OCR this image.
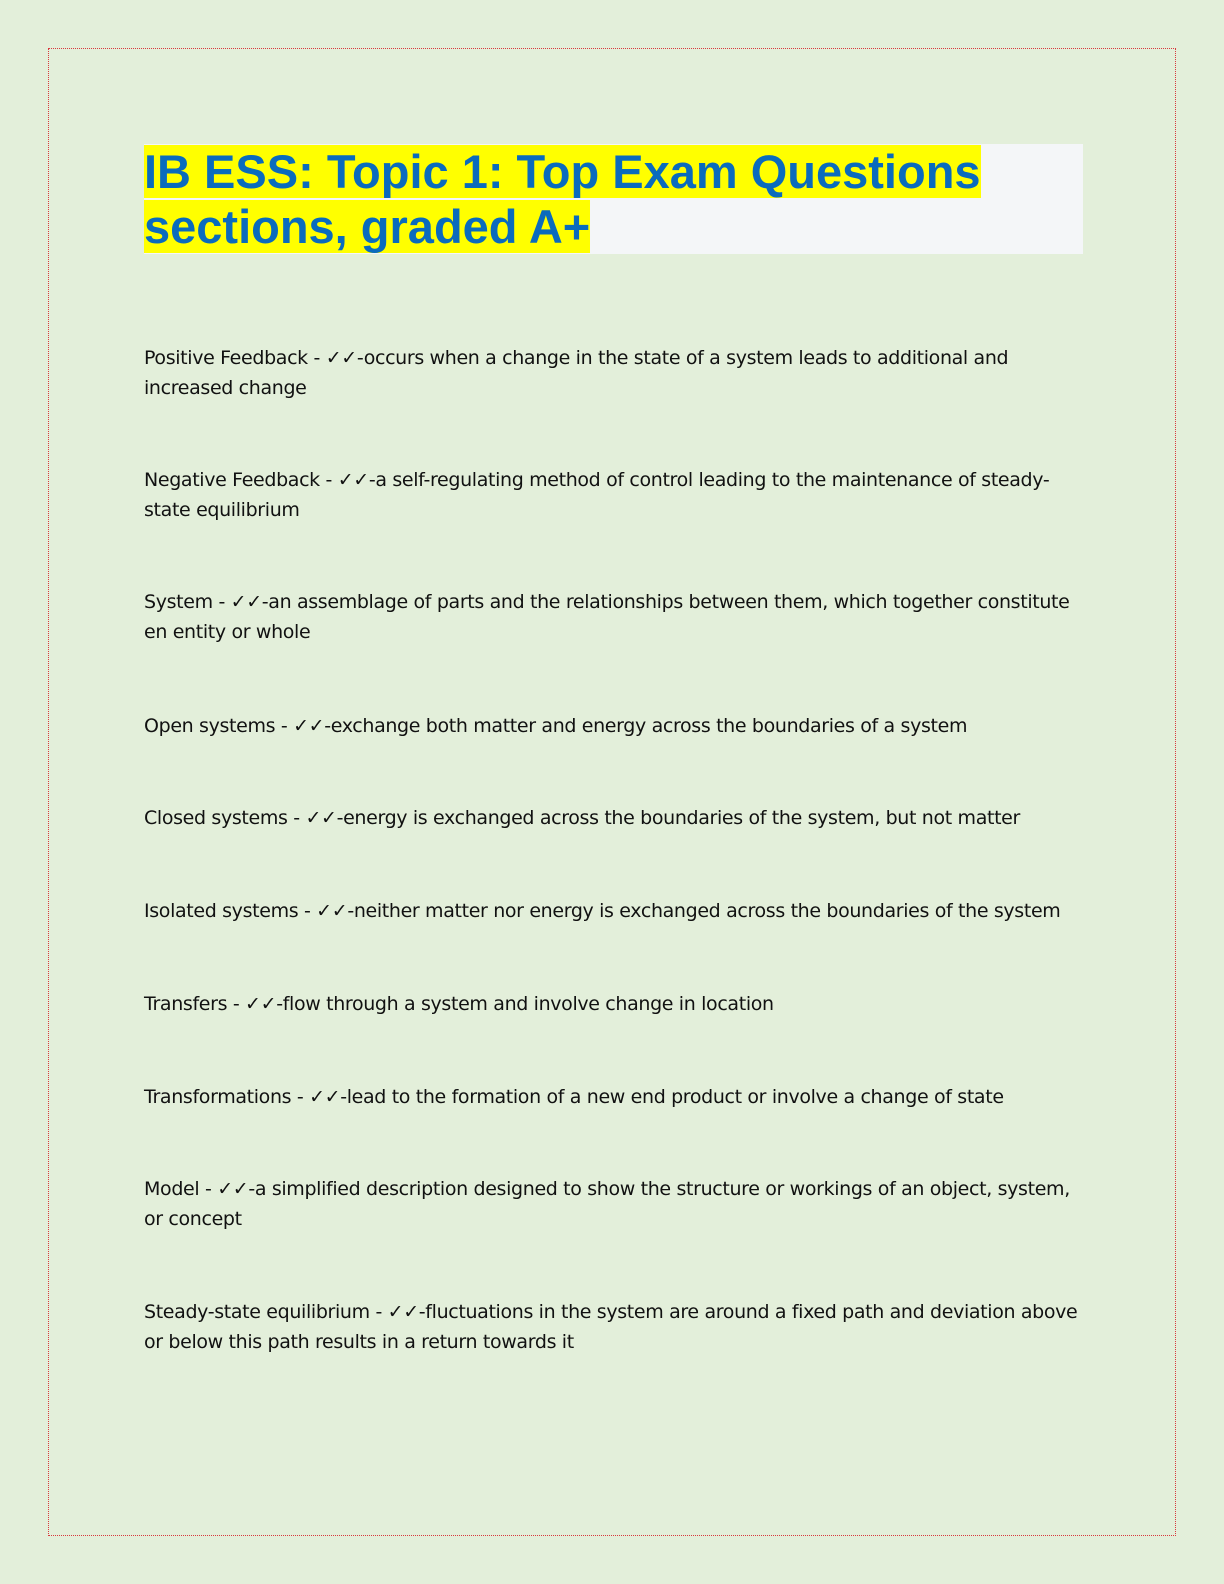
IB ESS: Topic 1: Top Exam Questions
sections, graded A+

Positive Feedback - ✓✓-occurs when a change in the state of a system leads to additional and increased change

Negative Feedback - ✓✓-a self-regulating method of control leading to the maintenance of steady-state equilibrium

System - ✓✓-an assemblage of parts and the relationships between them, which together constitute en entity or whole

Open systems - ✓✓-exchange both matter and energy across the boundaries of a system

Closed systems - ✓✓-energy is exchanged across the boundaries of the system, but not matter

Isolated systems - ✓✓-neither matter nor energy is exchanged across the boundaries of the system

Transfers - ✓✓-flow through a system and involve change in location

Transformations - ✓✓-lead to the formation of a new end product or involve a change of state

Model - ✓✓-a simplified description designed to show the structure or workings of an object, system, or concept

Steady-state equilibrium - ✓✓-fluctuations in the system are around a fixed path and deviation above or below this path results in a return towards it
